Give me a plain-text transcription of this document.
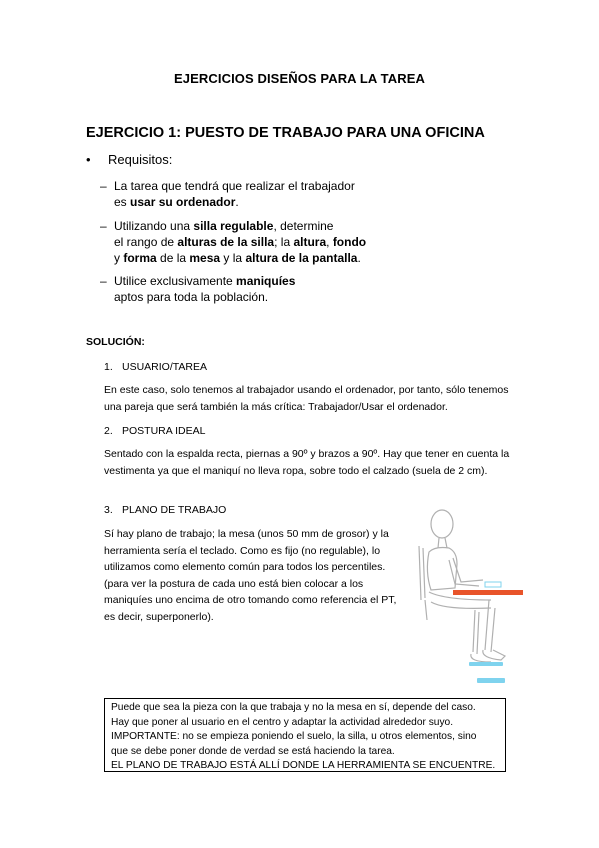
EJERCICIOS DISEÑOS PARA LA TAREA
EJERCICIO 1: PUESTO DE TRABAJO PARA UNA OFICINA
• Requisitos:
– La tarea que tendrá que realizar el trabajador
es usar su ordenador.
– Utilizando una silla regulable, determine
el rango de alturas de la silla; la altura, fondo
y forma de la mesa y la altura de la pantalla.
– Utilice exclusivamente maniquíes
aptos para toda la población.
SOLUCIÓN:
1. USUARIO/TAREA
En este caso, solo tenemos al trabajador usando el ordenador, por tanto, sólo tenemos una pareja que será también la más crítica: Trabajador/Usar el ordenador.
2. POSTURA IDEAL
Sentado con la espalda recta, piernas a 90º y brazos a 90º. Hay que tener en cuenta la vestimenta ya que el maniquí no lleva ropa, sobre todo el calzado (suela de 2 cm).
3. PLANO DE TRABAJO
Sí hay plano de trabajo; la mesa (unos 50 mm de grosor) y la herramienta sería el teclado. Como es fijo (no regulable), lo utilizamos como elemento común para todos los percentiles. (para ver la postura de cada uno está bien colocar a los maniquíes uno encima de otro tomando como referencia el PT, es decir, superponerlo).
Puede que sea la pieza con la que trabaja y no la mesa en sí, depende del caso.
Hay que poner al usuario en el centro y adaptar la actividad alrededor suyo.
IMPORTANTE: no se empieza poniendo el suelo, la silla, u otros elementos, sino
que se debe poner donde de verdad se está haciendo la tarea.
EL PLANO DE TRABAJO ESTÁ ALLÍ DONDE LA HERRAMIENTA SE ENCUENTRE.
